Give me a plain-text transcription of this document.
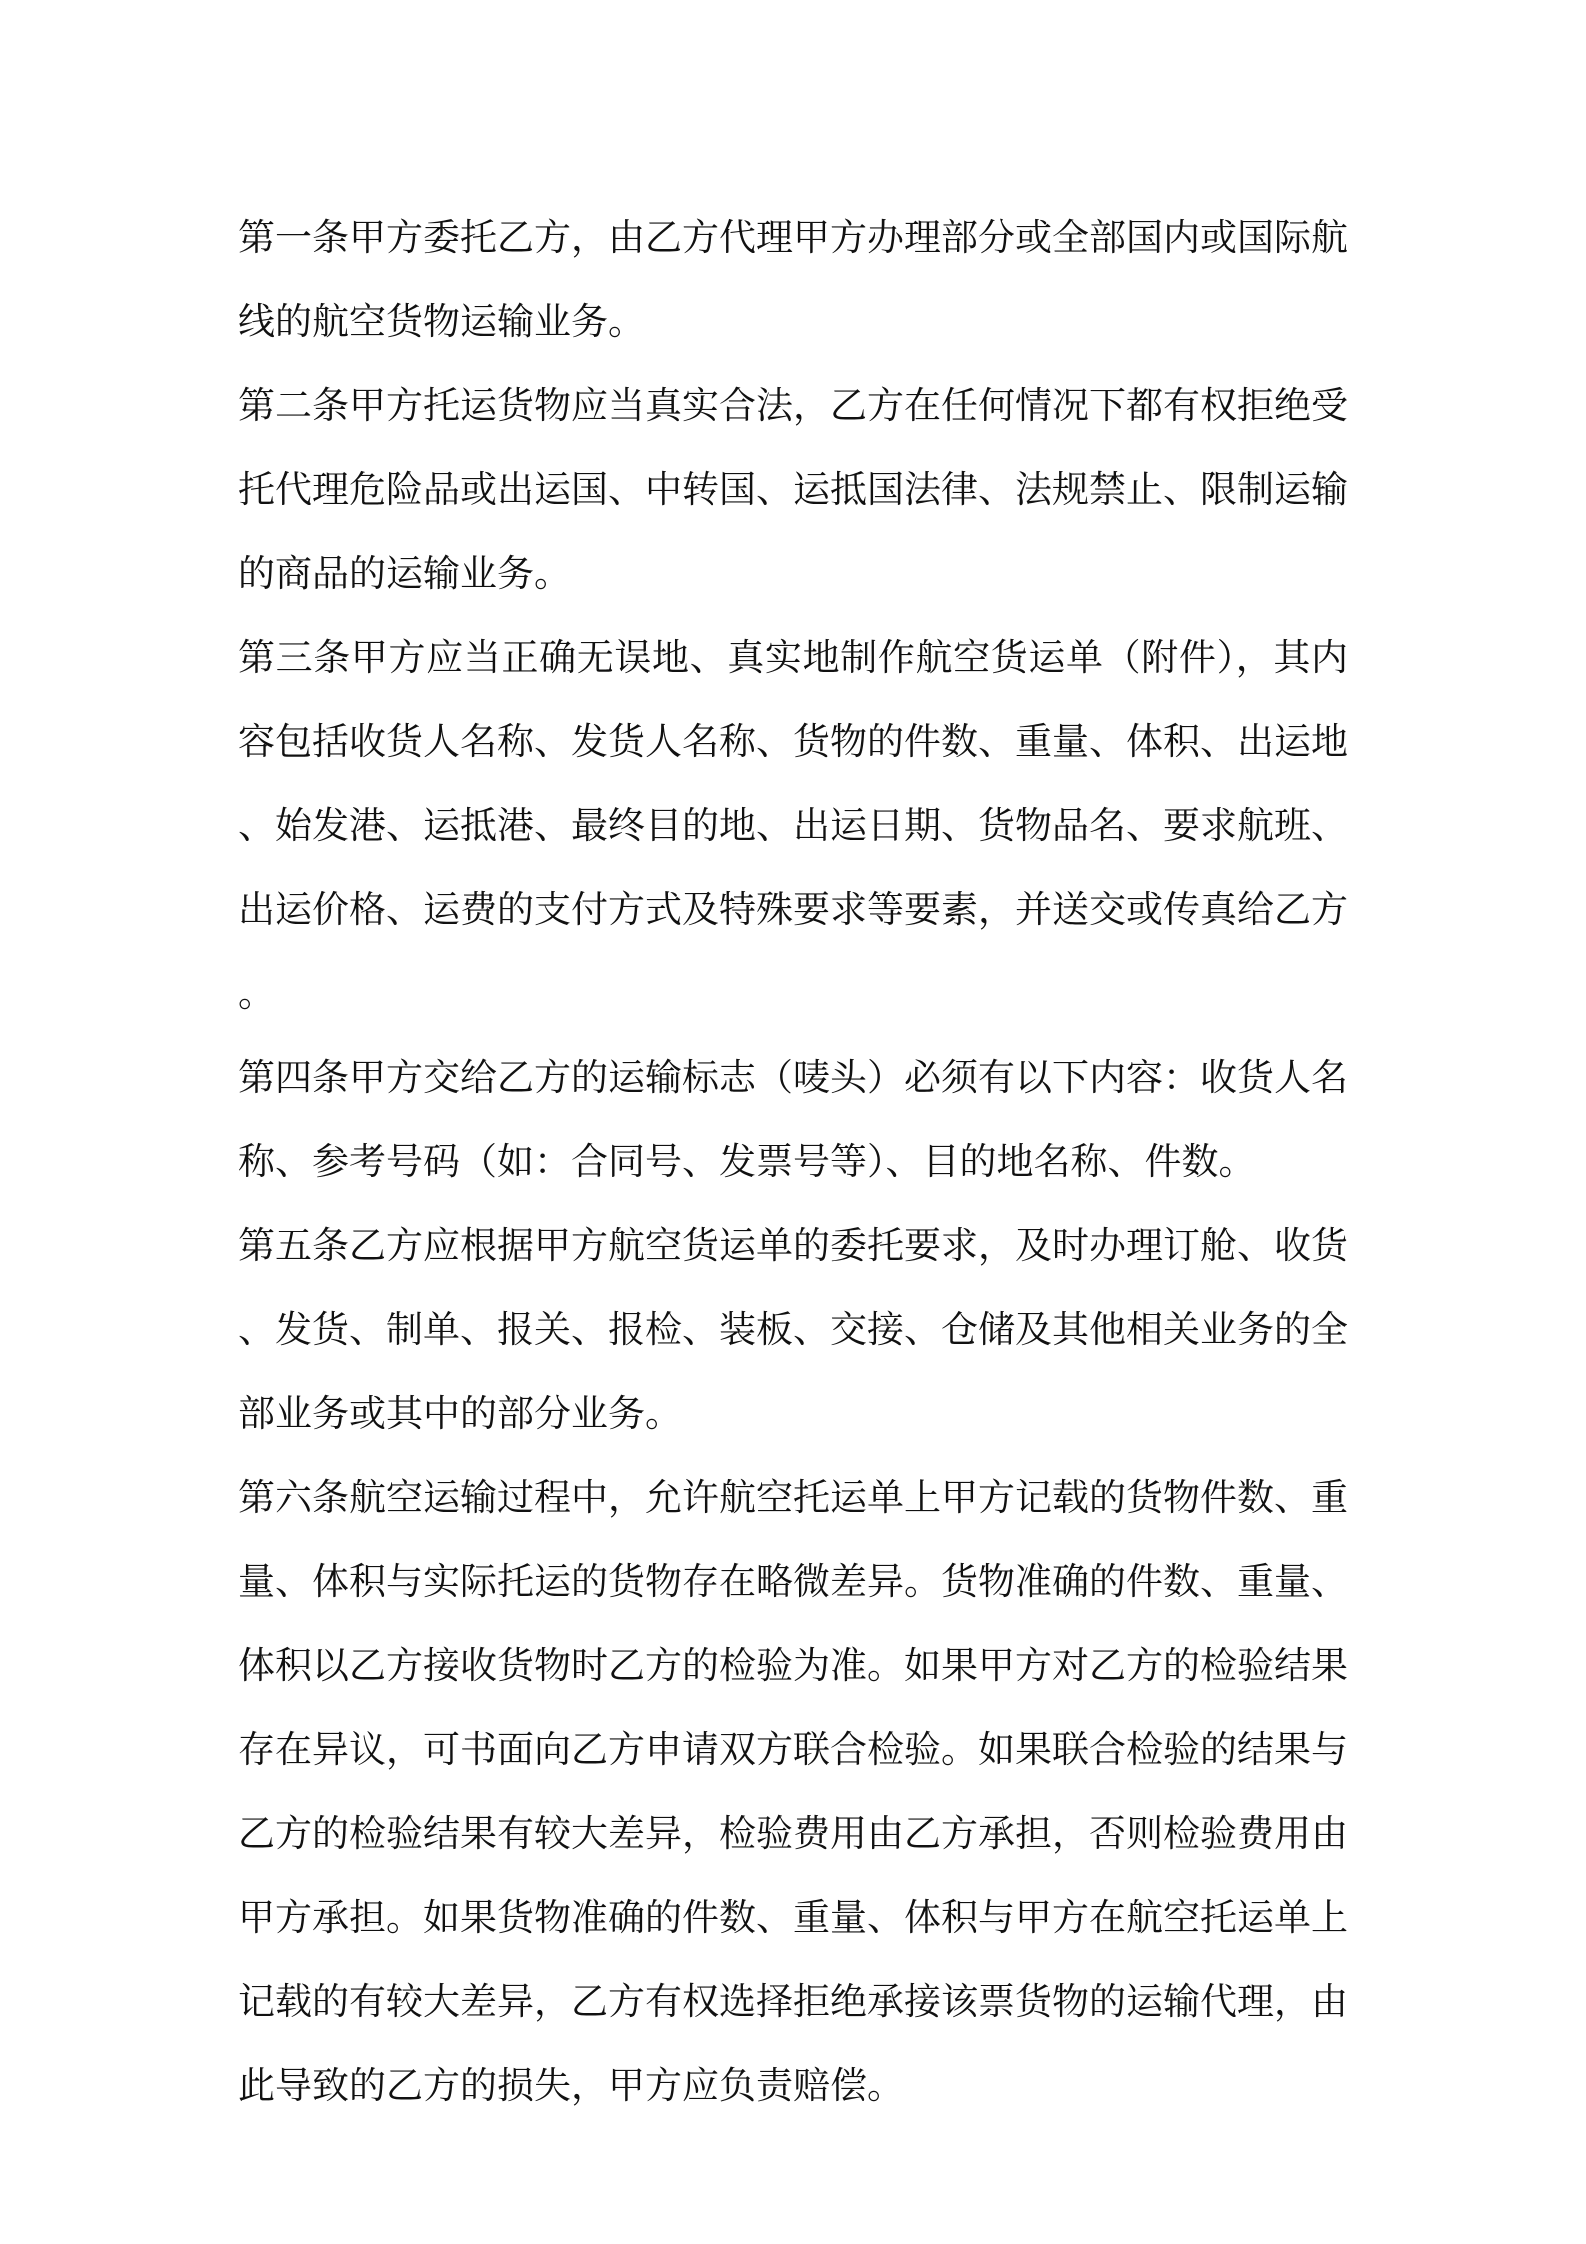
第一条甲方委托乙方，由乙方代理甲方办理部分或全部国内或国际航线的航空货物运输业务。

第二条甲方托运货物应当真实合法，乙方在任何情况下都有权拒绝受托代理危险品或出运国、中转国、运抵国法律、法规禁止、限制运输的商品的运输业务。

第三条甲方应当正确无误地、真实地制作航空货运单（附件），其内容包括收货人名称、发货人名称、货物的件数、重量、体积、出运地、始发港、运抵港、最终目的地、出运日期、货物品名、要求航班、出运价格、运费的支付方式及特殊要求等要素，并送交或传真给乙方。

第四条甲方交给乙方的运输标志（唛头）必须有以下内容：收货人名称、参考号码（如：合同号、发票号等）、目的地名称、件数。

第五条乙方应根据甲方航空货运单的委托要求，及时办理订舱、收货、发货、制单、报关、报检、装板、交接、仓储及其他相关业务的全部业务或其中的部分业务。

第六条航空运输过程中，允许航空托运单上甲方记载的货物件数、重量、体积与实际托运的货物存在略微差异。货物准确的件数、重量、体积以乙方接收货物时乙方的检验为准。如果甲方对乙方的检验结果存在异议，可书面向乙方申请双方联合检验。如果联合检验的结果与乙方的检验结果有较大差异，检验费用由乙方承担，否则检验费用由甲方承担。如果货物准确的件数、重量、体积与甲方在航空托运单上记载的有较大差异，乙方有权选择拒绝承接该票货物的运输代理，由此导致的乙方的损失，甲方应负责赔偿。
